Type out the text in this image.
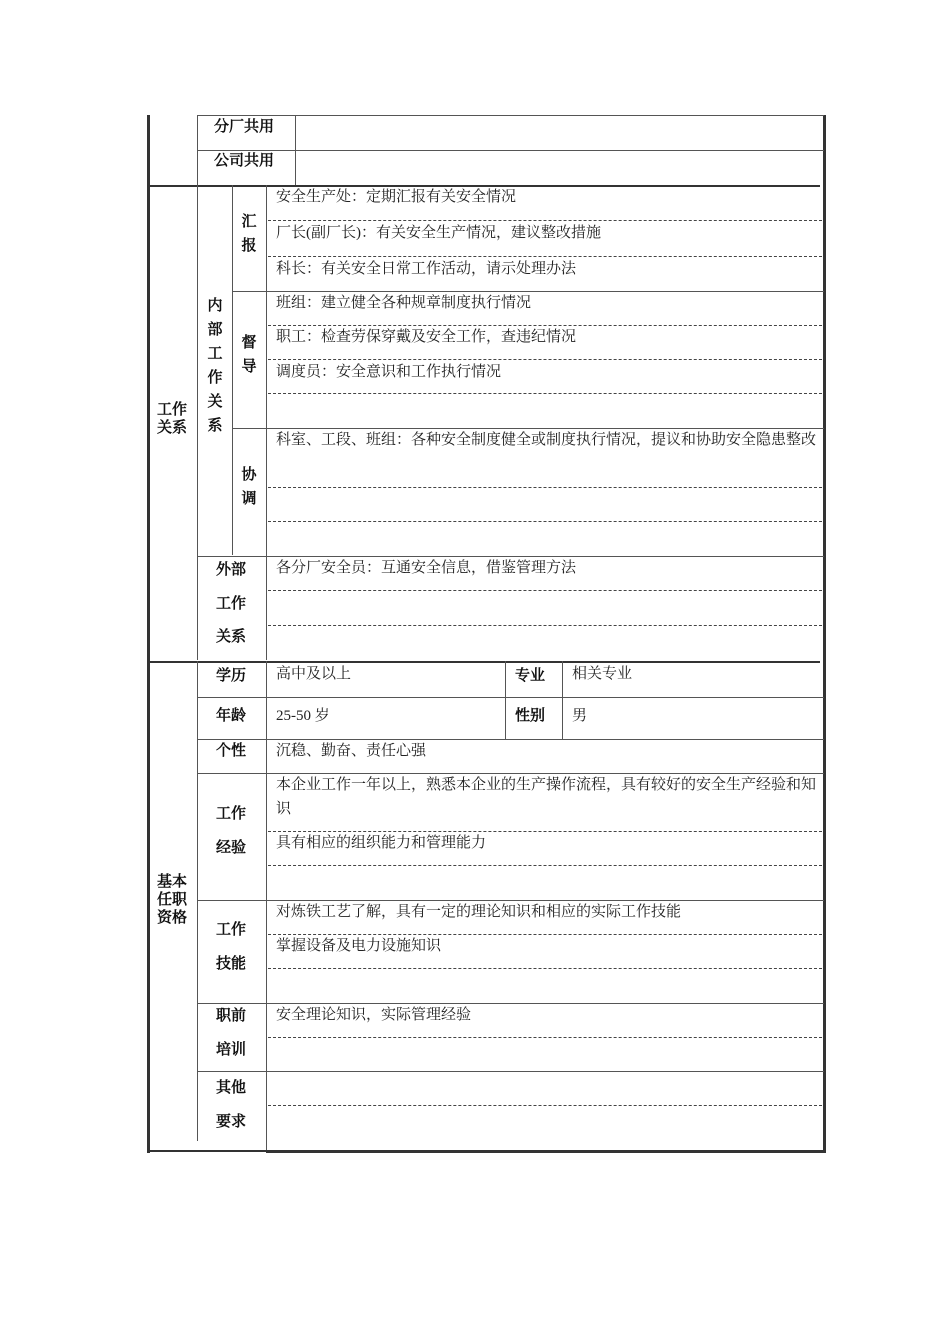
分厂共用
公司共用
工作关系
内部工作关系
汇报
安全生产处：定期汇报有关安全情况
厂长(副厂长)：有关安全生产情况，建议整改措施
科长：有关安全日常工作活动，请示处理办法
督导
班组：建立健全各种规章制度执行情况
职工：检查劳保穿戴及安全工作，查违纪情况
调度员：安全意识和工作执行情况
协调
科室、工段、班组：各种安全制度健全或制度执行情况，提议和协助安全隐患整改
外部
工作
关系
各分厂安全员：互通安全信息，借鉴管理方法
基本任职资格
学历 高中及以上	专业 相关专业
年龄 25-50 岁	性别 男
个性 沉稳、勤奋、责任心强
工作
经验
本企业工作一年以上，熟悉本企业的生产操作流程，具有较好的安全生产经验和知识
具有相应的组织能力和管理能力
工作
技能
对炼铁工艺了解，具有一定的理论知识和相应的实际工作技能
掌握设备及电力设施知识
职前
培训
安全理论知识，实际管理经验
其他
要求
